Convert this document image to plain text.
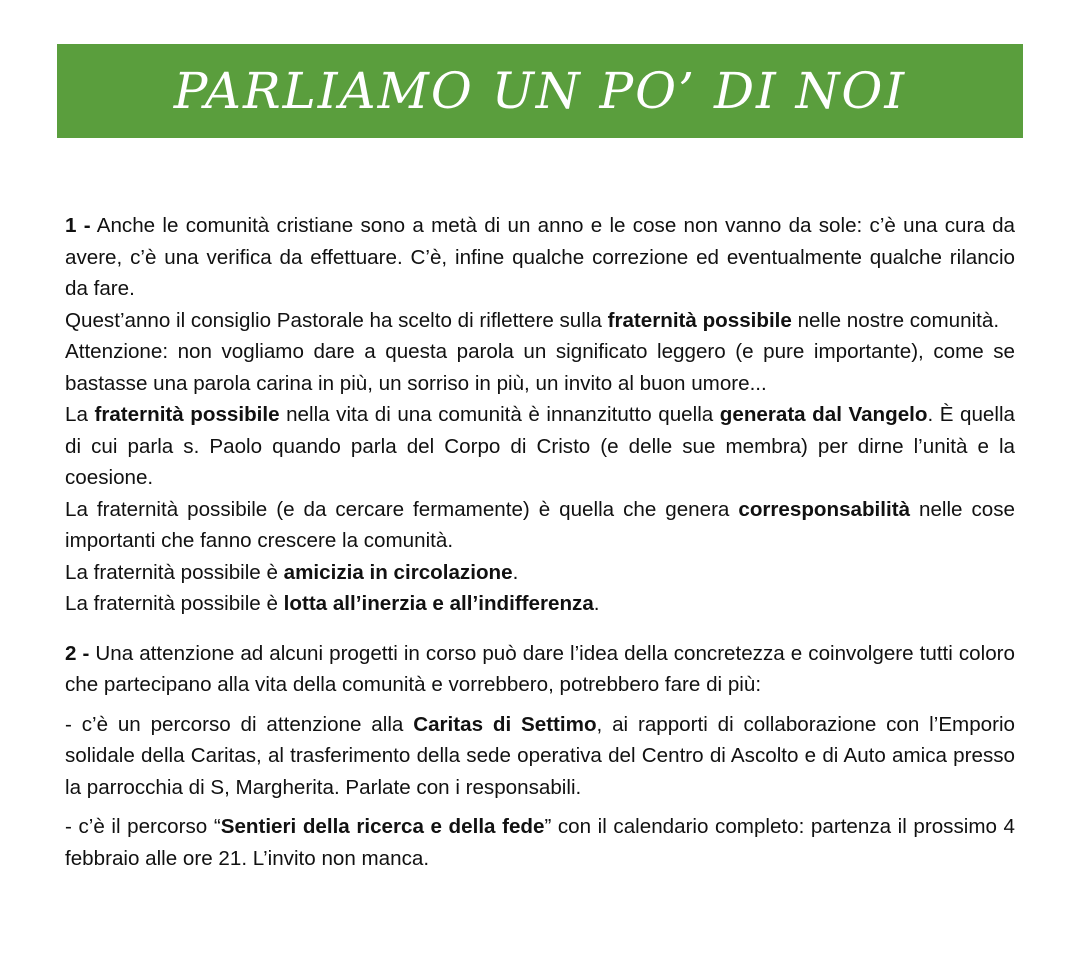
PARLIAMO UN PO’ DI NOI

1 - Anche le comunità cristiane sono a metà di un anno e le cose non vanno da sole: c’è una cura da avere, c’è una verifica da effettuare. C’è, infine qualche correzione ed eventualmente qualche rilancio da fare.

Quest’anno il consiglio Pastorale ha scelto di riflettere sulla fraternità possibile nelle nostre comunità.

Attenzione: non vogliamo dare a questa parola un significato leggero (e pure importante), come se bastasse una parola carina in più, un sorriso in più, un invito al buon umore...

La fraternità possibile nella vita di una comunità è innanzitutto quella generata dal Vangelo. È quella di cui parla s. Paolo quando parla del Corpo di Cristo (e delle sue membra) per dirne l’unità e la coesione.

La fraternità possibile (e da cercare fermamente) è quella che genera corresponsabilità nelle cose importanti che fanno crescere la comunità.

La fraternità possibile è amicizia in circolazione.

La fraternità possibile è lotta all’inerzia e all’indifferenza.

2 - Una attenzione ad alcuni progetti in corso può dare l’idea della concretezza e coinvolgere tutti coloro che partecipano alla vita della comunità e vorrebbero, potrebbero fare di più:

- c’è un percorso di attenzione alla Caritas di Settimo, ai rapporti di collaborazione con l’Emporio solidale della Caritas, al trasferimento della sede operativa del Centro di Ascolto e di Auto amica presso la parrocchia di S, Margherita. Parlate con i responsabili.

- c’è il percorso “Sentieri della ricerca e della fede” con il calendario completo: partenza il prossimo 4 febbraio alle ore 21. L’invito non manca.
